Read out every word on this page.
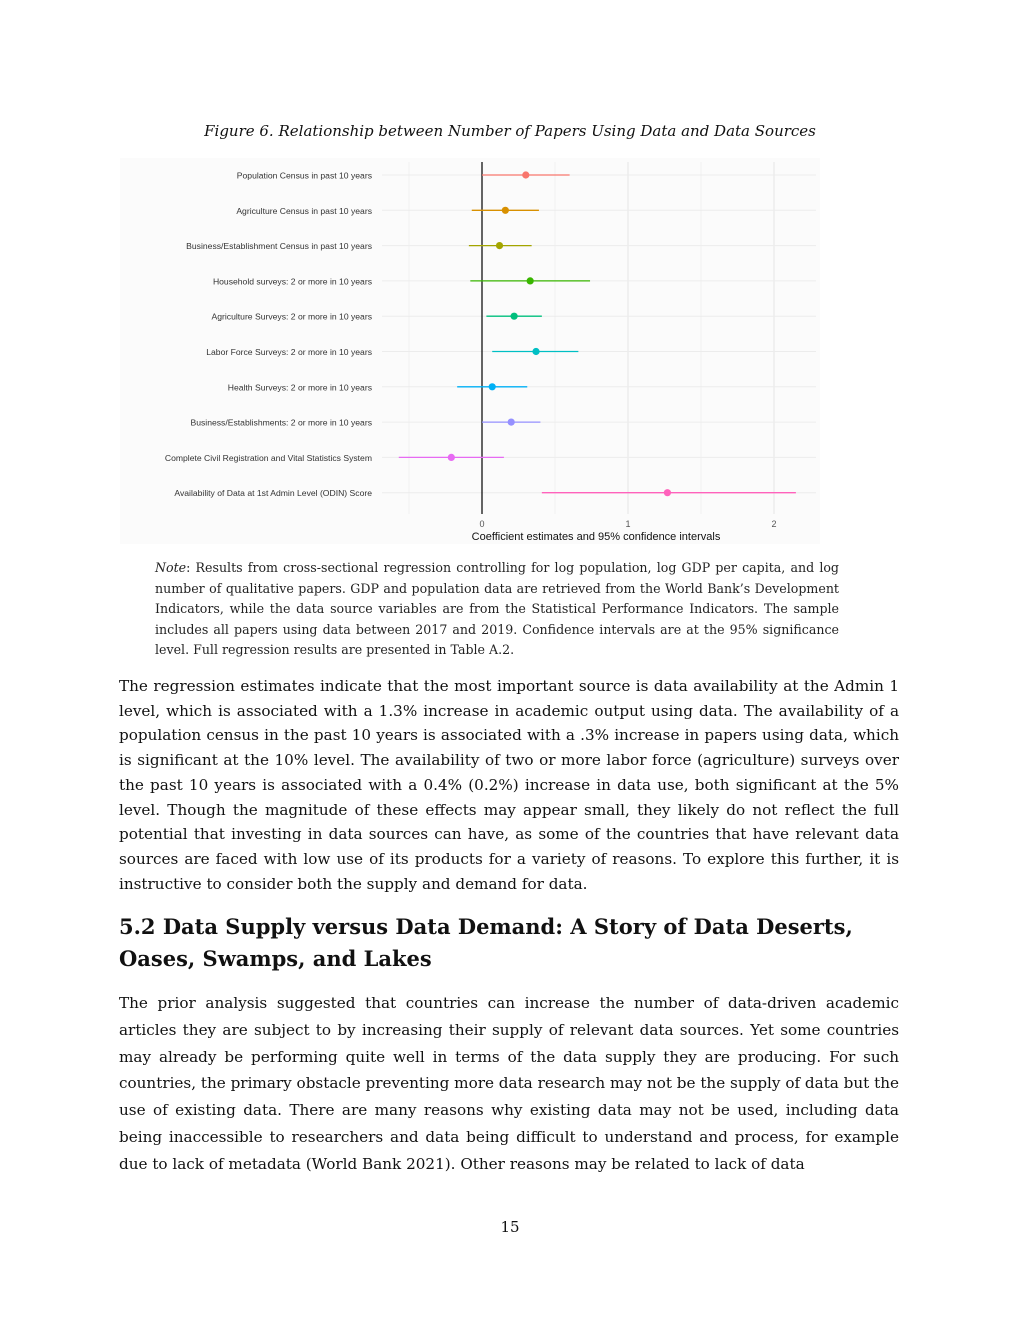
Figure 6. Relationship between Number of Papers Using Data and Data Sources
Population Census in past 10 years
Agriculture Census in past 10 years
Business/Establishment Census in past 10 years
Household surveys: 2 or more in 10 years
Agriculture Surveys: 2 or more in 10 years
Labor Force Surveys: 2 or more in 10 years
Health Surveys: 2 or more in 10 years
Business/Establishments: 2 or more in 10 years
Complete Civil Registration and Vital Statistics System
Availability of Data at 1st Admin Level (ODIN) Score
0	1	2
Coefficient estimates and 95% confidence intervals
Note: Results from cross-sectional regression controlling for log population, log GDP per capita, and log number of qualitative papers. GDP and population data are retrieved from the World Bank’s Development Indicators, while the data source variables are from the Statistical Performance Indicators. The sample includes all papers using data between 2017 and 2019. Confidence intervals are at the 95% significance level. Full regression results are presented in Table A.2.

The regression estimates indicate that the most important source is data availability at the Admin 1 level, which is associated with a 1.3% increase in academic output using data. The availability of a population census in the past 10 years is associated with a .3% increase in papers using data, which is significant at the 10% level. The availability of two or more labor force (agriculture) surveys over the past 10 years is associated with a 0.4% (0.2%) increase in data use, both significant at the 5% level. Though the magnitude of these effects may appear small, they likely do not reflect the full potential that investing in data sources can have, as some of the countries that have relevant data sources are faced with low use of its products for a variety of reasons. To explore this further, it is instructive to consider both the supply and demand for data.

5.2 Data Supply versus Data Demand: A Story of Data Deserts, Oases, Swamps, and Lakes

The prior analysis suggested that countries can increase the number of data-driven academic articles they are subject to by increasing their supply of relevant data sources. Yet some countries may already be performing quite well in terms of the data supply they are producing. For such countries, the primary obstacle preventing more data research may not be the supply of data but the use of existing data. There are many reasons why existing data may not be used, including data being inaccessible to researchers and data being difficult to understand and process, for example due to lack of metadata (World Bank 2021). Other reasons may be related to lack of data

15
